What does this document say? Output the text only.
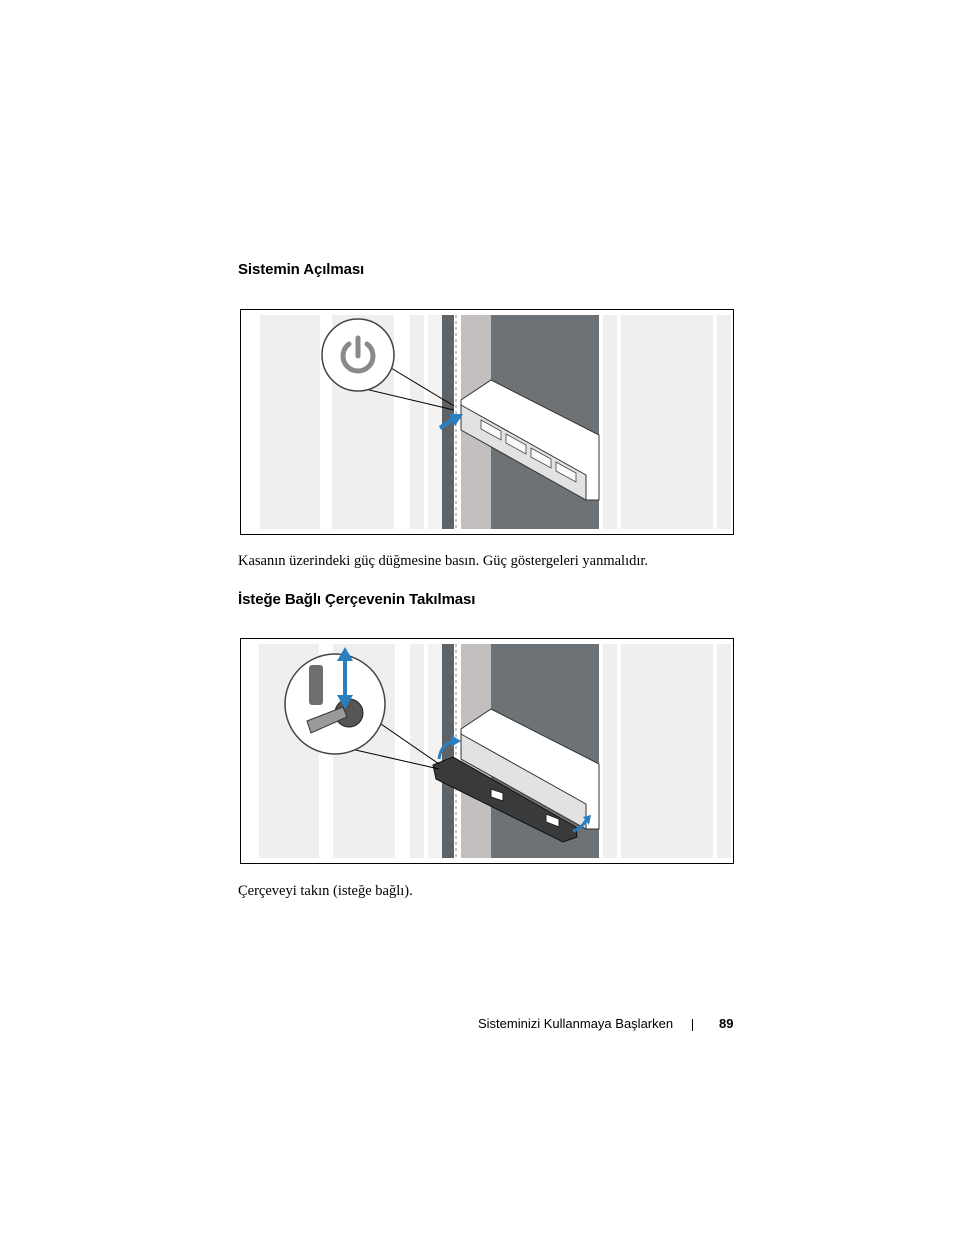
Sistemin Açılması

Kasanın üzerindeki güç düğmesine basın. Güç göstergeleri yanmalıdır.

İsteğe Bağlı Çerçevenin Takılması

Çerçeveyi takın (isteğe bağlı).

Sisteminizi Kullanmaya Başlarken	89
